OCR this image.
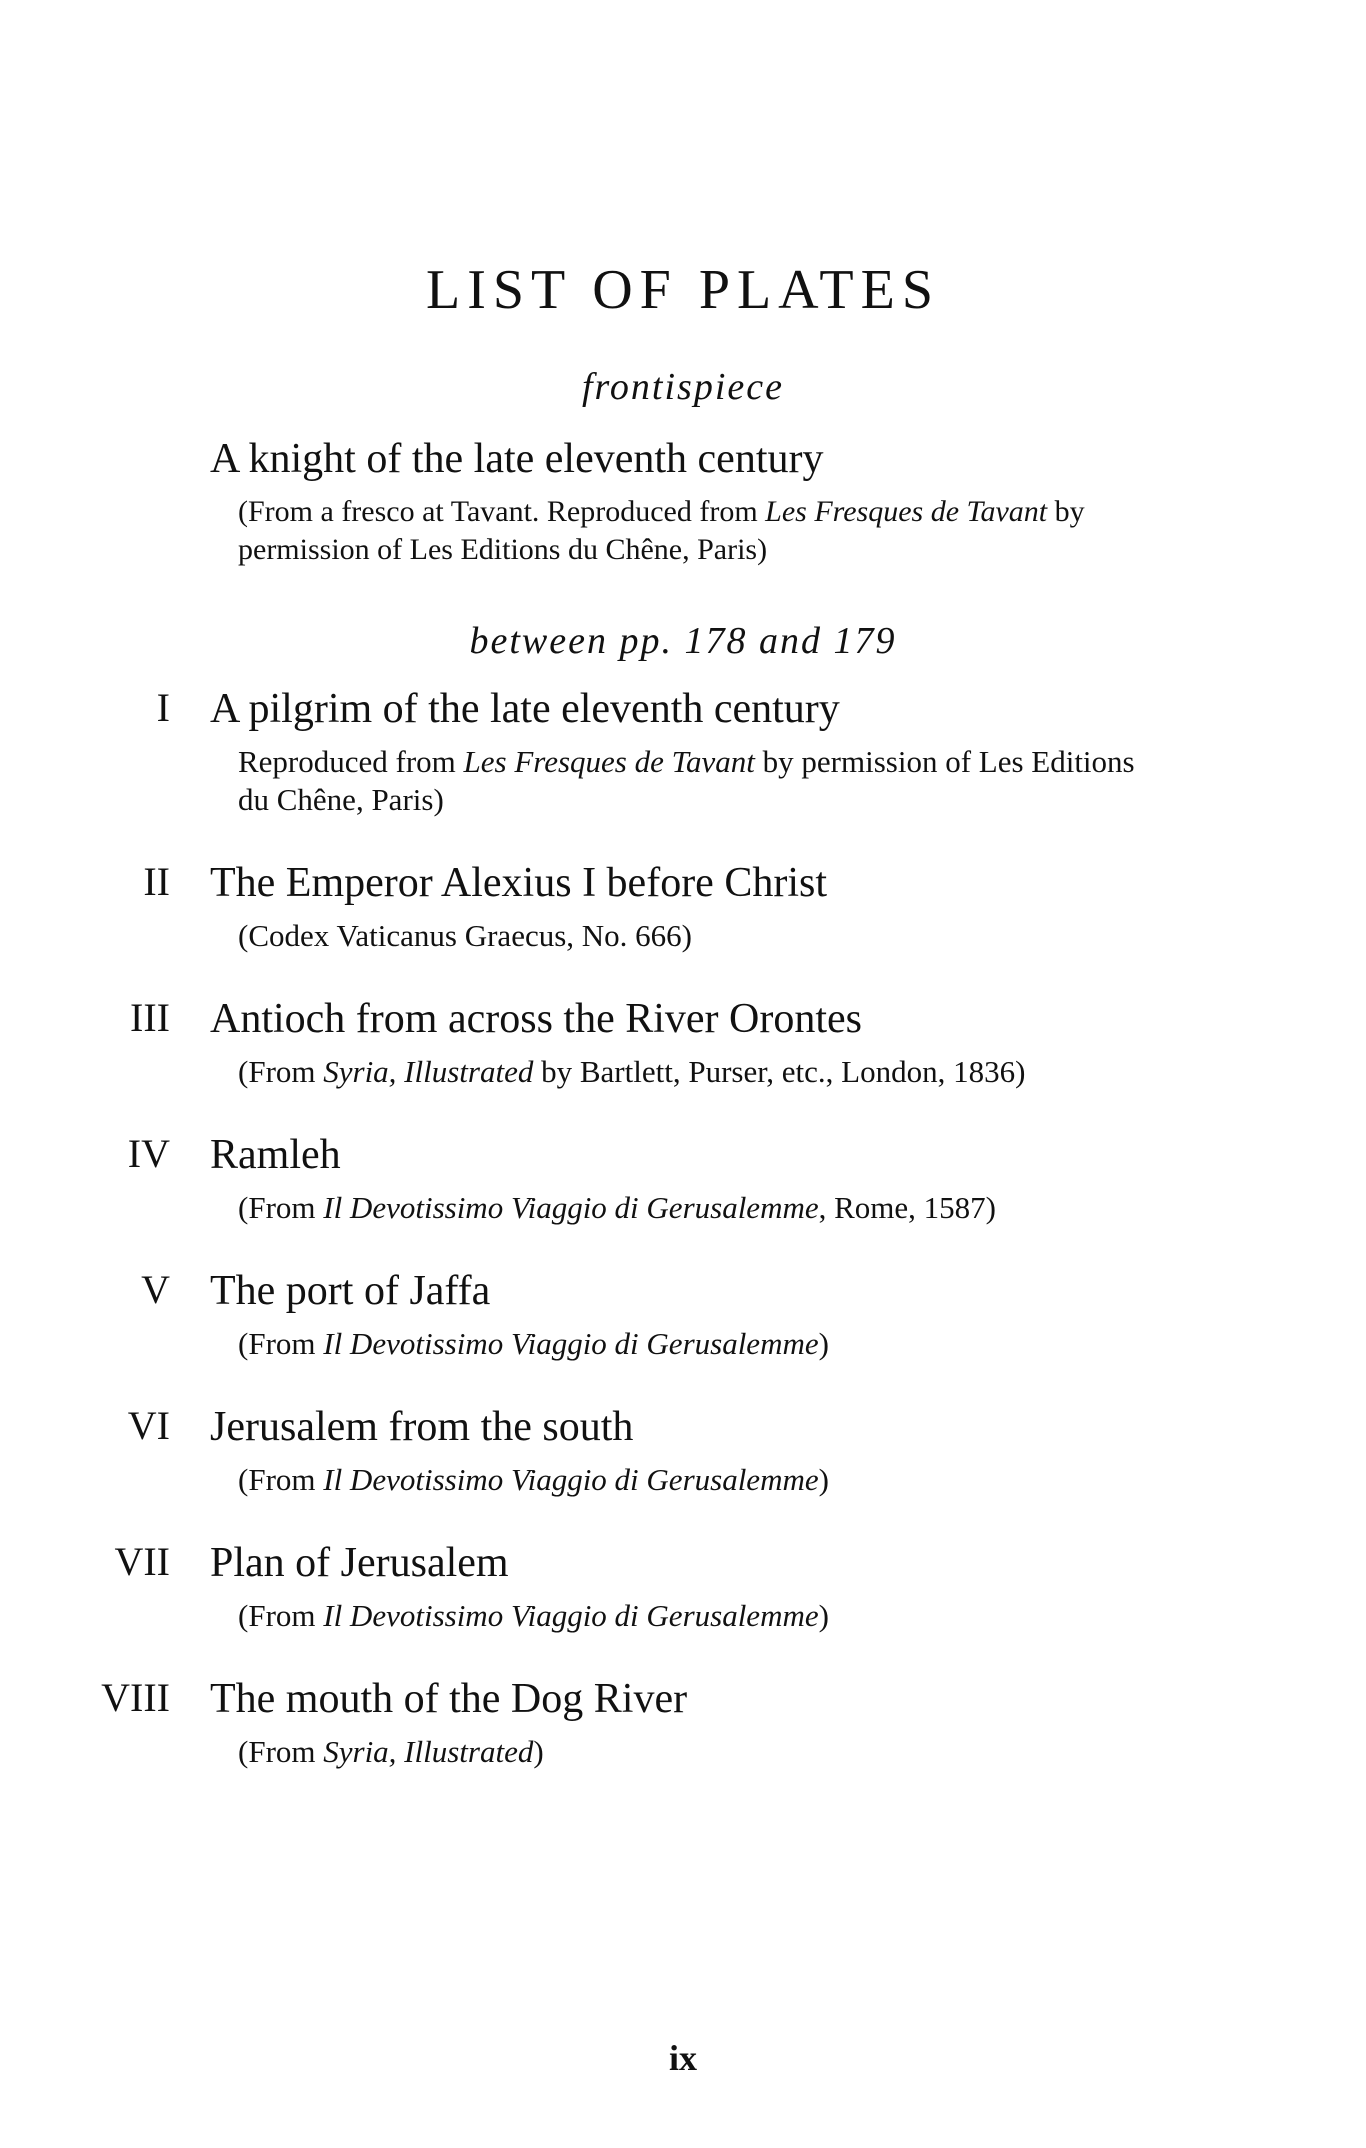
LIST OF PLATES
frontispiece
A knight of the late eleventh century
(From a fresco at Tavant. Reproduced from Les Fresques de Tavant by permission of Les Editions du Chêne, Paris)
between pp. 178 and 179
I A pilgrim of the late eleventh century
Reproduced from Les Fresques de Tavant by permission of Les Editions du Chêne, Paris)
II The Emperor Alexius I before Christ
(Codex Vaticanus Graecus, No. 666)
III Antioch from across the River Orontes
(From Syria, Illustrated by Bartlett, Purser, etc., London, 1836)
IV Ramleh
(From Il Devotissimo Viaggio di Gerusalemme, Rome, 1587)
V The port of Jaffa
(From Il Devotissimo Viaggio di Gerusalemme)
VI Jerusalem from the south
(From Il Devotissimo Viaggio di Gerusalemme)
VII Plan of Jerusalem
(From Il Devotissimo Viaggio di Gerusalemme)
VIII The mouth of the Dog River
(From Syria, Illustrated)
ix
